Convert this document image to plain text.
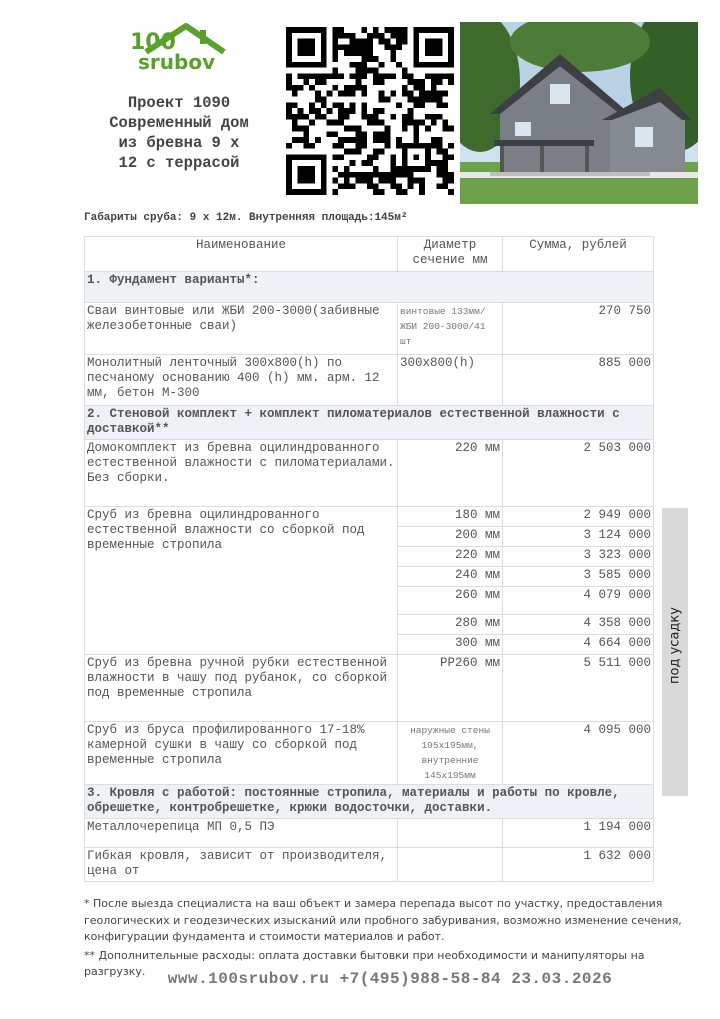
100
srubov
Проект 1090
Современный дом
из бревна 9 х
12 с террасой
Габариты сруба: 9 х 12м. Внутренняя площадь:145м²
Наименование	Диаметр сечение мм	Сумма, рублей
1. Фундамент варианты*:		
Сваи винтовые или ЖБИ 200-3000(забивные железобетонные сваи)	винтовые 133мм/ЖБИ 200-3000/41 шт	270 750
Монолитный ленточный 300х800(h) по песчаному основанию 400 (h) мм. арм. 12 мм, бетон М-300	300х800(h)	885 000
2. Стеновой комплект + комплект пиломатериалов естественной влажности с доставкой**		
Домокомплект из бревна оцилиндрованного естественной влажности с пиломатериалами. Без сборки.	220 мм	2 503 000
Сруб из бревна оцилиндрованного естественной влажности со сборкой под временные стропила	180 мм	2 949 000
	200 мм	3 124 000
	220 мм	3 323 000
	240 мм	3 585 000
	260 мм	4 079 000
	280 мм	4 358 000
	300 мм	4 664 000
Сруб из бревна ручной рубки естественной влажности в чашу под рубанок, со сборкой под временные стропила	РР260 мм	5 511 000
Сруб из бруса профилированного 17-18% камерной сушки в чашу со сборкой под временные стропила	наружные стены 195х195мм, внутренние 145х195мм	4 095 000
3. Кровля с работой: постоянные стропила, материалы и работы по кровле, обрешетке, контробрешетке, крюки водосточки, доставки.		
Металлочерепица МП 0,5 ПЭ		1 194 000
Гибкая кровля, зависит от производителя, цена от		1 632 000
под усадку
* После выезда специалиста на ваш объект и замера перепада высот по участку, предоставления геологических и геодезических изысканий или пробного забуривания, возможно изменение сечения, конфигурации фундамента и стоимости материалов и работ.
** Дополнительные расходы: оплата доставки бытовки при необходимости и манипуляторы на разгрузку.	www.100srubov.ru +7(495)988-58-84 23.03.2026
